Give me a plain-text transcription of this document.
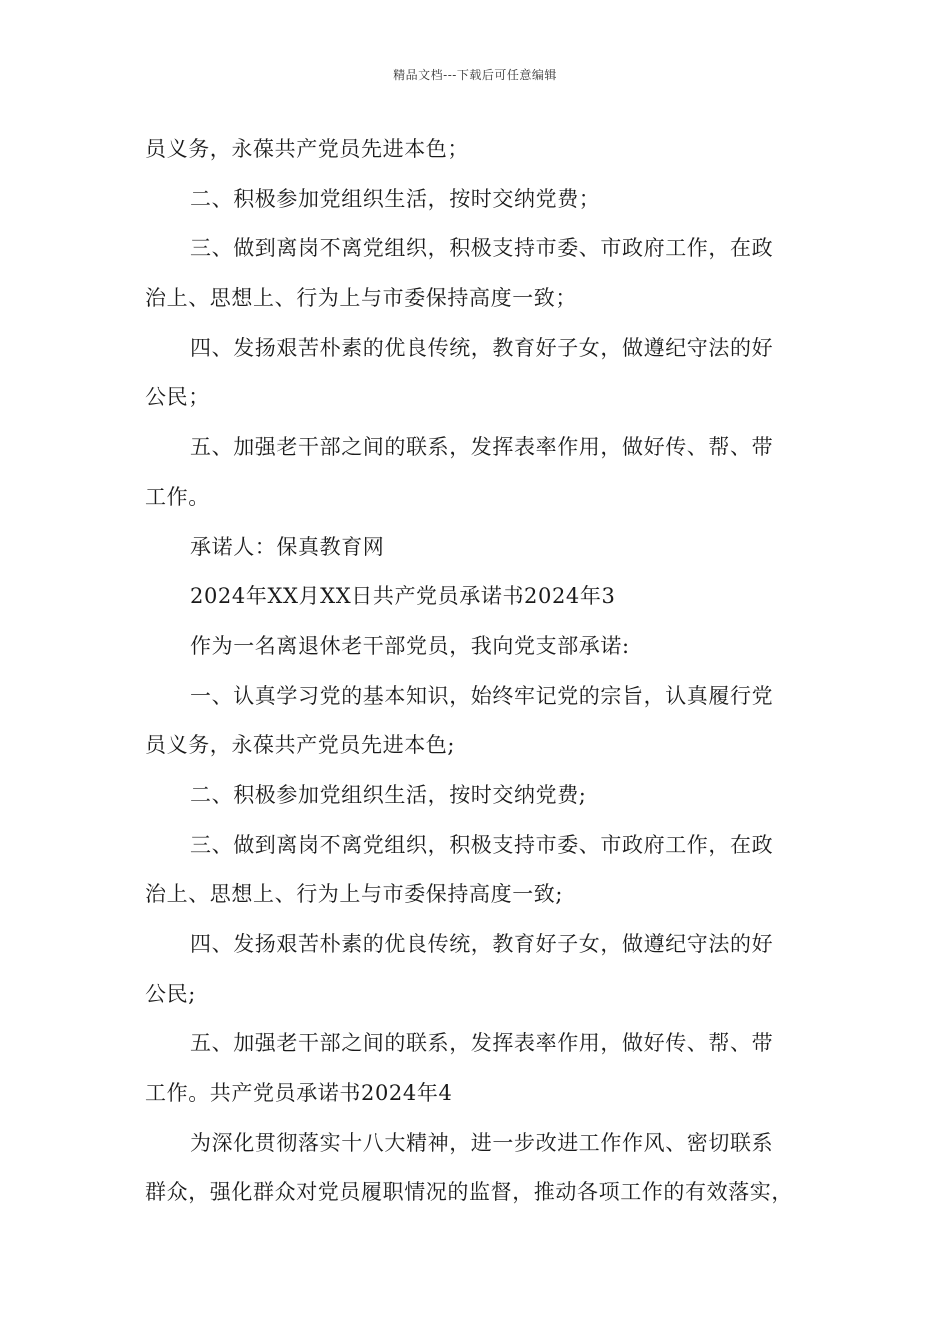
精品文档---下载后可任意编辑
员义务，永葆共产党员先进本色；
二、积极参加党组织生活，按时交纳党费；
三、做到离岗不离党组织，积极支持市委、市政府工作，在政
治上、思想上、行为上与市委保持高度一致；
四、发扬艰苦朴素的优良传统，教育好子女，做遵纪守法的好
公民；
五、加强老干部之间的联系，发挥表率作用，做好传、帮、带
工作。
承诺人：保真教育网
2024年XX月XX日共产党员承诺书2024年3
作为一名离退休老干部党员，我向党支部承诺:
一、认真学习党的基本知识，始终牢记党的宗旨，认真履行党
员义务，永葆共产党员先进本色;
二、积极参加党组织生活，按时交纳党费;
三、做到离岗不离党组织，积极支持市委、市政府工作，在政
治上、思想上、行为上与市委保持高度一致;
四、发扬艰苦朴素的优良传统，教育好子女，做遵纪守法的好
公民;
五、加强老干部之间的联系，发挥表率作用，做好传、帮、带
工作。共产党员承诺书2024年4
为深化贯彻落实十八大精神，进一步改进工作作风、密切联系
群众，强化群众对党员履职情况的监督，推动各项工作的有效落实，
